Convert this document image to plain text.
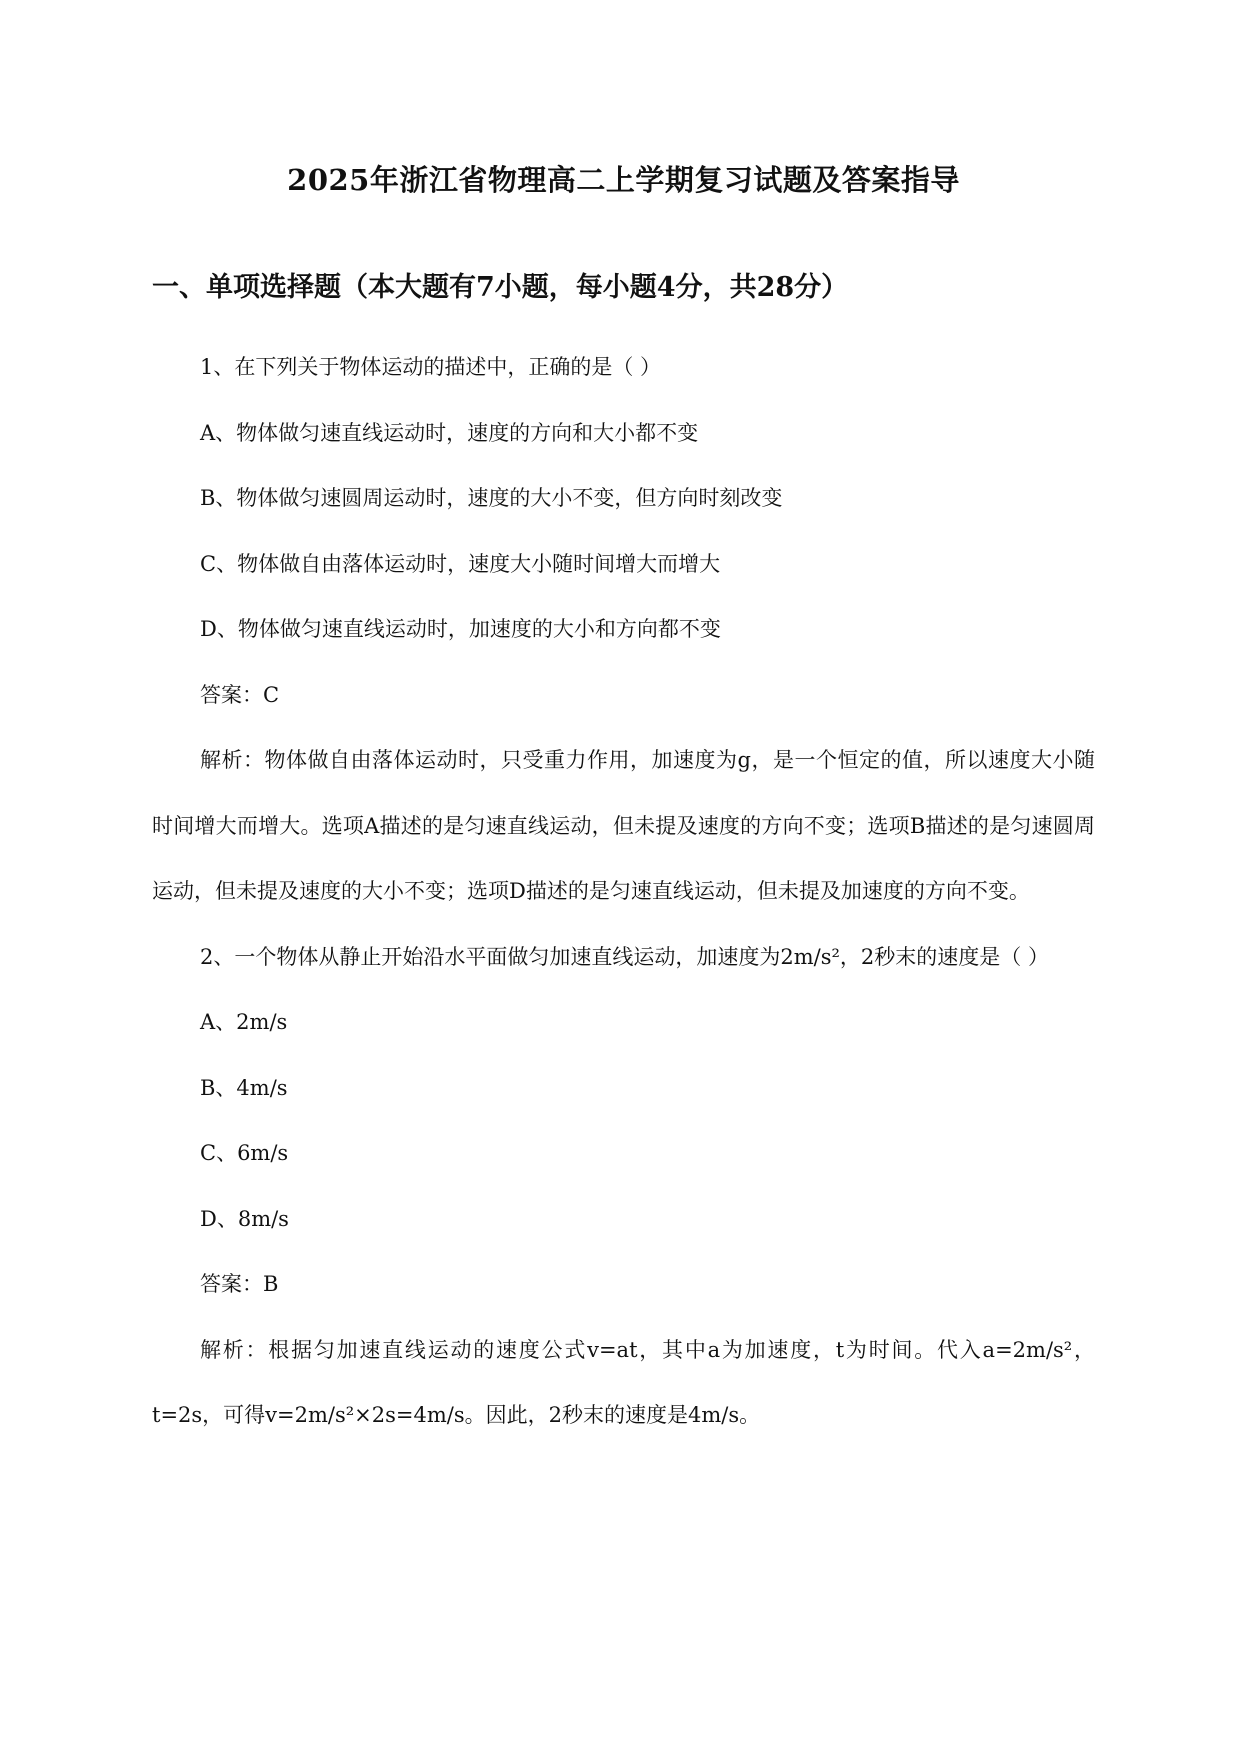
2025年浙江省物理高二上学期复习试题及答案指导
一、单项选择题（本大题有7小题，每小题4分，共28分）

1、在下列关于物体运动的描述中，正确的是（ ）

A、物体做匀速直线运动时，速度的方向和大小都不变

B、物体做匀速圆周运动时，速度的大小不变，但方向时刻改变

C、物体做自由落体运动时，速度大小随时间增大而增大

D、物体做匀速直线运动时，加速度的大小和方向都不变

答案：C

解析：物体做自由落体运动时，只受重力作用，加速度为g，是一个恒定的值，所以速度大小随时间增大而增大。选项A描述的是匀速直线运动，但未提及速度的方向不变；选项B描述的是匀速圆周运动，但未提及速度的大小不变；选项D描述的是匀速直线运动，但未提及加速度的方向不变。

2、一个物体从静止开始沿水平面做匀加速直线运动，加速度为2m/s²，2秒末的速度是（ ）

A、2m/s

B、4m/s

C、6m/s

D、8m/s

答案：B

解析：根据匀加速直线运动的速度公式v=at，其中a为加速度，t为时间。代入a=2m/s²，t=2s，可得v=2m/s²×2s=4m/s。因此，2秒末的速度是4m/s。
